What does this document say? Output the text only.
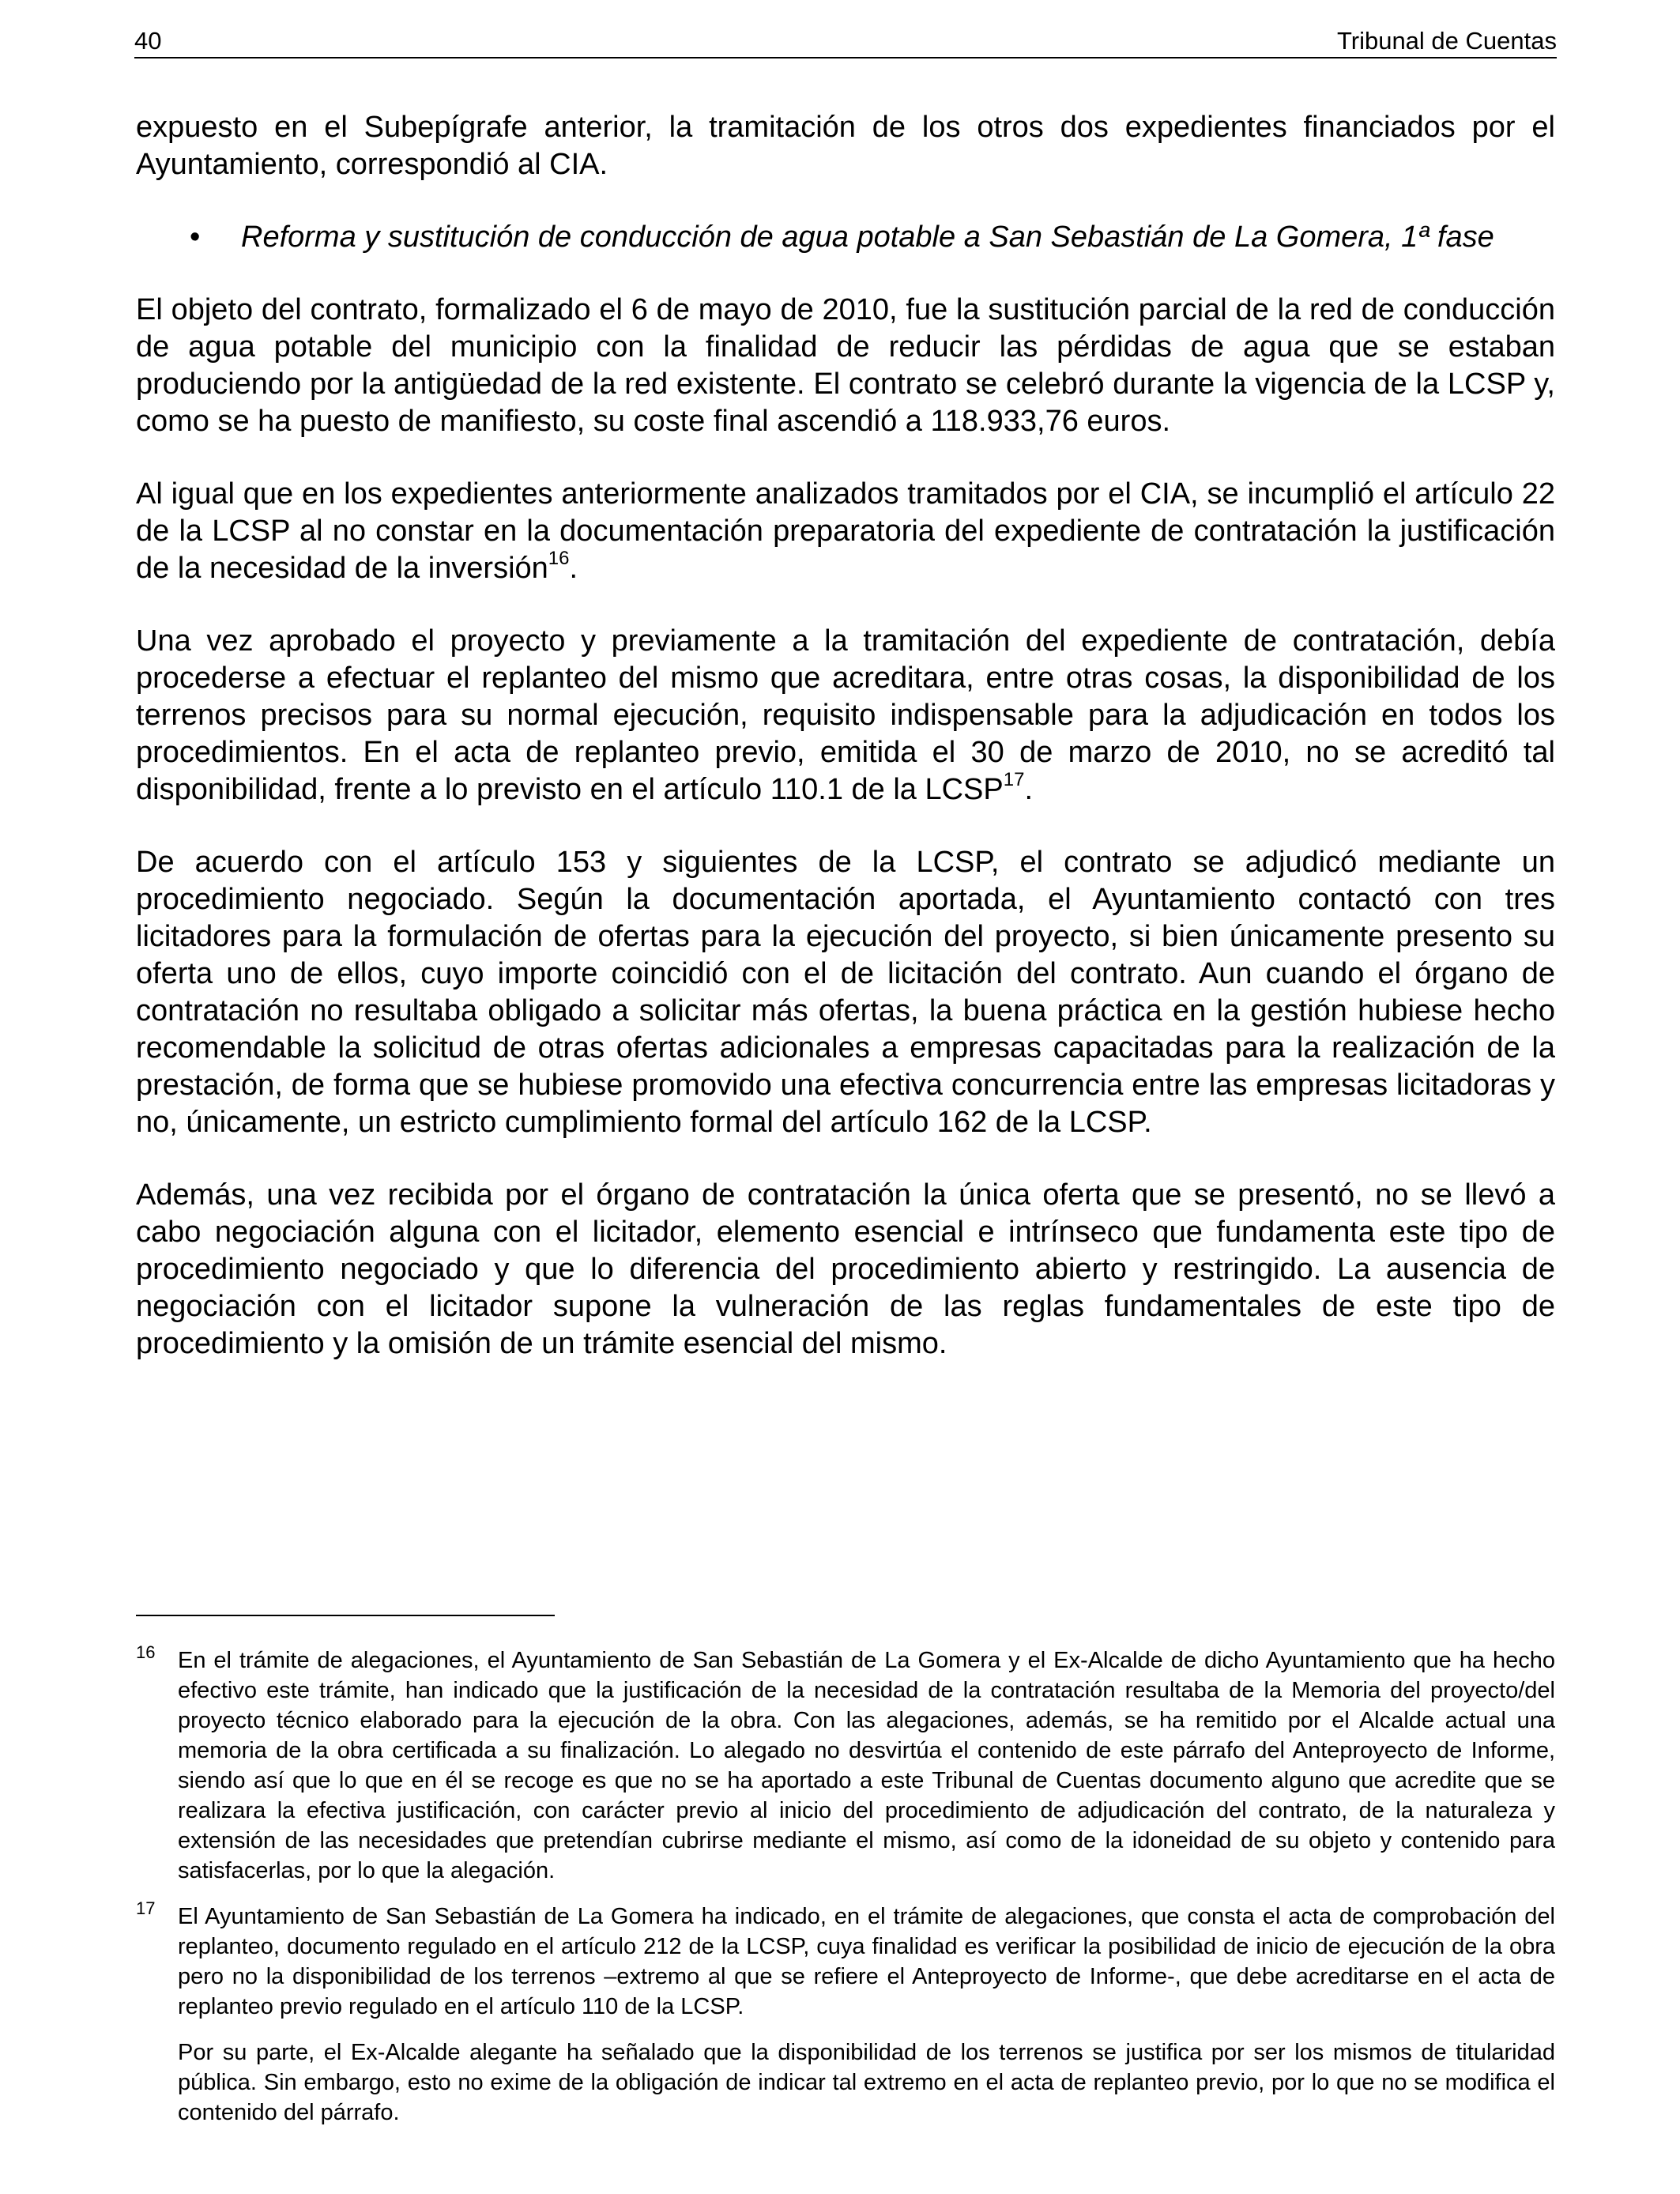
40	Tribunal de Cuentas

expuesto en el Subepígrafe anterior, la tramitación de los otros dos expedientes financiados por el Ayuntamiento, correspondió al CIA.

• Reforma y sustitución de conducción de agua potable a San Sebastián de La Gomera, 1ª fase

El objeto del contrato, formalizado el 6 de mayo de 2010, fue la sustitución parcial de la red de conducción de agua potable del municipio con la finalidad de reducir las pérdidas de agua que se estaban produciendo por la antigüedad de la red existente. El contrato se celebró durante la vigencia de la LCSP y, como se ha puesto de manifiesto, su coste final ascendió a 118.933,76 euros.

Al igual que en los expedientes anteriormente analizados tramitados por el CIA, se incumplió el artículo 22 de la LCSP al no constar en la documentación preparatoria del expediente de contratación la justificación de la necesidad de la inversión$^{16}$.

Una vez aprobado el proyecto y previamente a la tramitación del expediente de contratación, debía procederse a efectuar el replanteo del mismo que acreditara, entre otras cosas, la disponibilidad de los terrenos precisos para su normal ejecución, requisito indispensable para la adjudicación en todos los procedimientos. En el acta de replanteo previo, emitida el 30 de marzo de 2010, no se acreditó tal disponibilidad, frente a lo previsto en el artículo 110.1 de la LCSP$^{17}$.

De acuerdo con el artículo 153 y siguientes de la LCSP, el contrato se adjudicó mediante un procedimiento negociado. Según la documentación aportada, el Ayuntamiento contactó con tres licitadores para la formulación de ofertas para la ejecución del proyecto, si bien únicamente presento su oferta uno de ellos, cuyo importe coincidió con el de licitación del contrato. Aun cuando el órgano de contratación no resultaba obligado a solicitar más ofertas, la buena práctica en la gestión hubiese hecho recomendable la solicitud de otras ofertas adicionales a empresas capacitadas para la realización de la prestación, de forma que se hubiese promovido una efectiva concurrencia entre las empresas licitadoras y no, únicamente, un estricto cumplimiento formal del artículo 162 de la LCSP.

Además, una vez recibida por el órgano de contratación la única oferta que se presentó, no se llevó a cabo negociación alguna con el licitador, elemento esencial e intrínseco que fundamenta este tipo de procedimiento negociado y que lo diferencia del procedimiento abierto y restringido. La ausencia de negociación con el licitador supone la vulneración de las reglas fundamentales de este tipo de procedimiento y la omisión de un trámite esencial del mismo.

16 En el trámite de alegaciones, el Ayuntamiento de San Sebastián de La Gomera y el Ex-Alcalde de dicho Ayuntamiento que ha hecho efectivo este trámite, han indicado que la justificación de la necesidad de la contratación resultaba de la Memoria del proyecto/del proyecto técnico elaborado para la ejecución de la obra. Con las alegaciones, además, se ha remitido por el Alcalde actual una memoria de la obra certificada a su finalización. Lo alegado no desvirtúa el contenido de este párrafo del Anteproyecto de Informe, siendo así que lo que en él se recoge es que no se ha aportado a este Tribunal de Cuentas documento alguno que acredite que se realizara la efectiva justificación, con carácter previo al inicio del procedimiento de adjudicación del contrato, de la naturaleza y extensión de las necesidades que pretendían cubrirse mediante el mismo, así como de la idoneidad de su objeto y contenido para satisfacerlas, por lo que la alegación.

17 El Ayuntamiento de San Sebastián de La Gomera ha indicado, en el trámite de alegaciones, que consta el acta de comprobación del replanteo, documento regulado en el artículo 212 de la LCSP, cuya finalidad es verificar la posibilidad de inicio de ejecución de la obra pero no la disponibilidad de los terrenos –extremo al que se refiere el Anteproyecto de Informe-, que debe acreditarse en el acta de replanteo previo regulado en el artículo 110 de la LCSP.

Por su parte, el Ex-Alcalde alegante ha señalado que la disponibilidad de los terrenos se justifica por ser los mismos de titularidad pública. Sin embargo, esto no exime de la obligación de indicar tal extremo en el acta de replanteo previo, por lo que no se modifica el contenido del párrafo.
